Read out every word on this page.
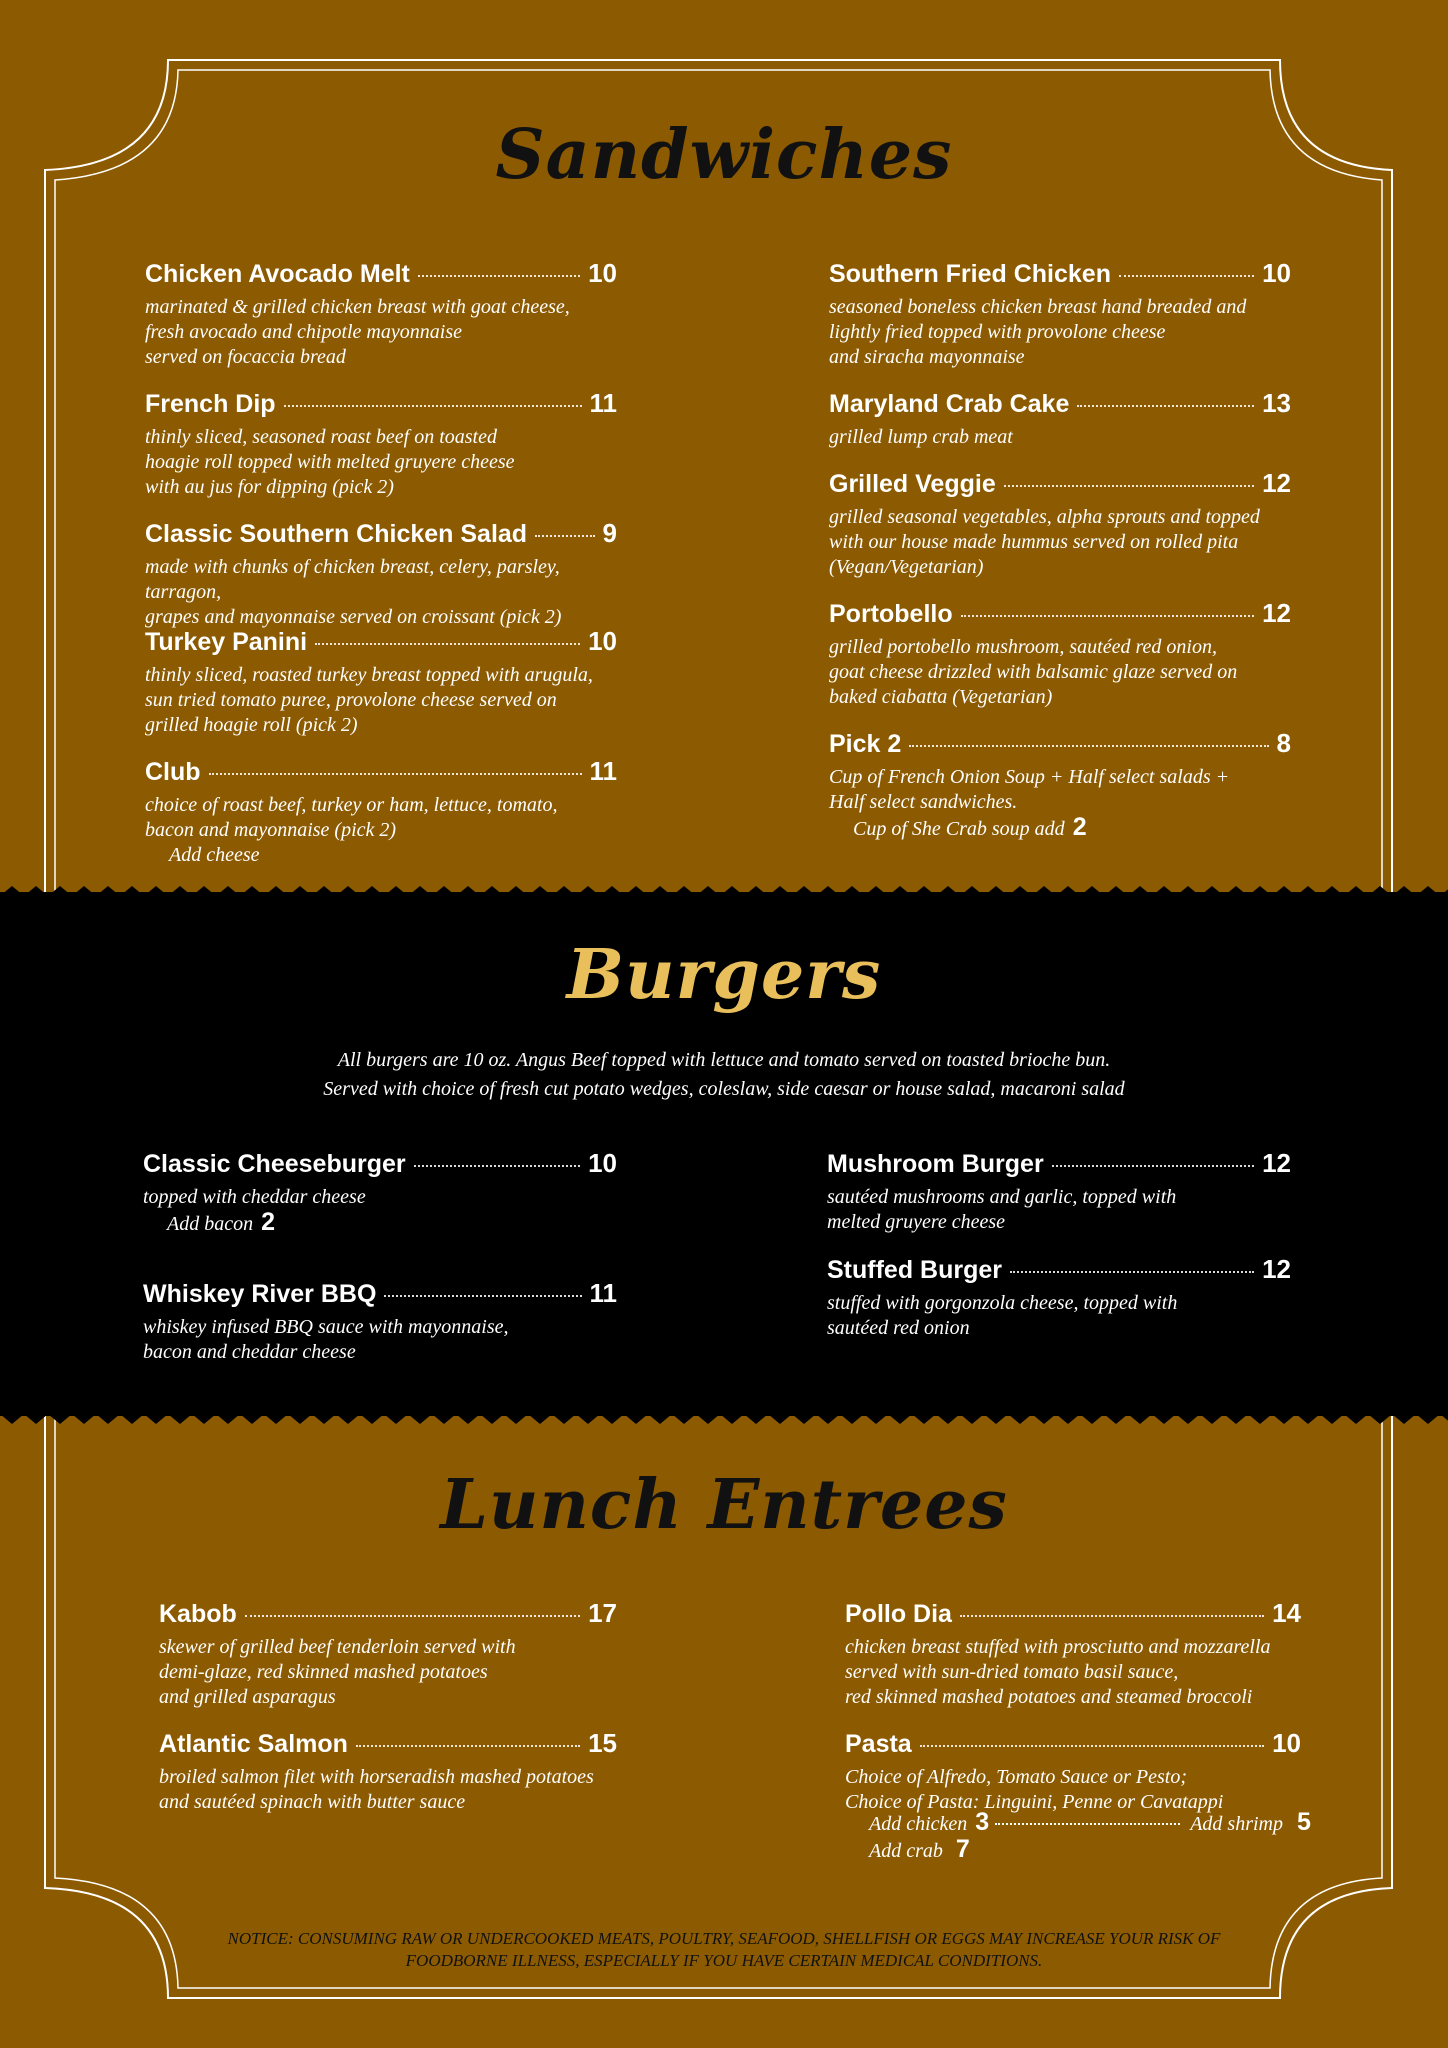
Sandwiches
Chicken Avocado Melt	10
marinated & grilled chicken breast with goat cheese,
fresh avocado and chipotle mayonnaise
served on focaccia bread
French Dip	11
thinly sliced, seasoned roast beef on toasted
hoagie roll topped with melted gruyere cheese
with au jus for dipping (pick 2)
Classic Southern Chicken Salad	9
made with chunks of chicken breast, celery, parsley, tarragon,
grapes and mayonnaise served on croissant (pick 2)
Turkey Panini	10
thinly sliced, roasted turkey breast topped with arugula,
sun tried tomato puree, provolone cheese served on
grilled hoagie roll (pick 2)
Club	11
choice of roast beef, turkey or ham, lettuce, tomato,
bacon and mayonnaise (pick 2)
Add cheese
Southern Fried Chicken	10
seasoned boneless chicken breast hand breaded and
lightly fried topped with provolone cheese
and siracha mayonnaise
Maryland Crab Cake	13
grilled lump crab meat
Grilled Veggie	12
grilled seasonal vegetables, alpha sprouts and topped
with our house made hummus served on rolled pita
(Vegan/Vegetarian)
Portobello	12
grilled portobello mushroom, sautéed red onion,
goat cheese drizzled with balsamic glaze served on
baked ciabatta (Vegetarian)
Pick 2	8
Cup of French Onion Soup + Half select salads +
Half select sandwiches.
Cup of She Crab soup add 2
Burgers
All burgers are 10 oz. Angus Beef topped with lettuce and tomato served on toasted brioche bun.
Served with choice of fresh cut potato wedges, coleslaw, side caesar or house salad, macaroni salad
Classic Cheeseburger	10
topped with cheddar cheese
Add bacon 2
Whiskey River BBQ	11
whiskey infused BBQ sauce with mayonnaise,
bacon and cheddar cheese
Mushroom Burger	12
sautéed mushrooms and garlic, topped with
melted gruyere cheese
Stuffed Burger	12
stuffed with gorgonzola cheese, topped with
sautéed red onion
Lunch Entrees
Kabob	17
skewer of grilled beef tenderloin served with
demi-glaze, red skinned mashed potatoes
and grilled asparagus
Atlantic Salmon	15
broiled salmon filet with horseradish mashed potatoes
and sautéed spinach with butter sauce
Pollo Dia	14
chicken breast stuffed with prosciutto and mozzarella
served with sun-dried tomato basil sauce,
red skinned mashed potatoes and steamed broccoli
Pasta	10
Choice of Alfredo, Tomato Sauce or Pesto;
Choice of Pasta: Linguini, Penne or Cavatappi
Add chicken 3	Add shrimp 5
Add crab 7
NOTICE: CONSUMING RAW OR UNDERCOOKED MEATS, POULTRY, SEAFOOD, SHELLFISH OR EGGS MAY INCREASE YOUR RISK OF
FOODBORNE ILLNESS, ESPECIALLY IF YOU HAVE CERTAIN MEDICAL CONDITIONS.
